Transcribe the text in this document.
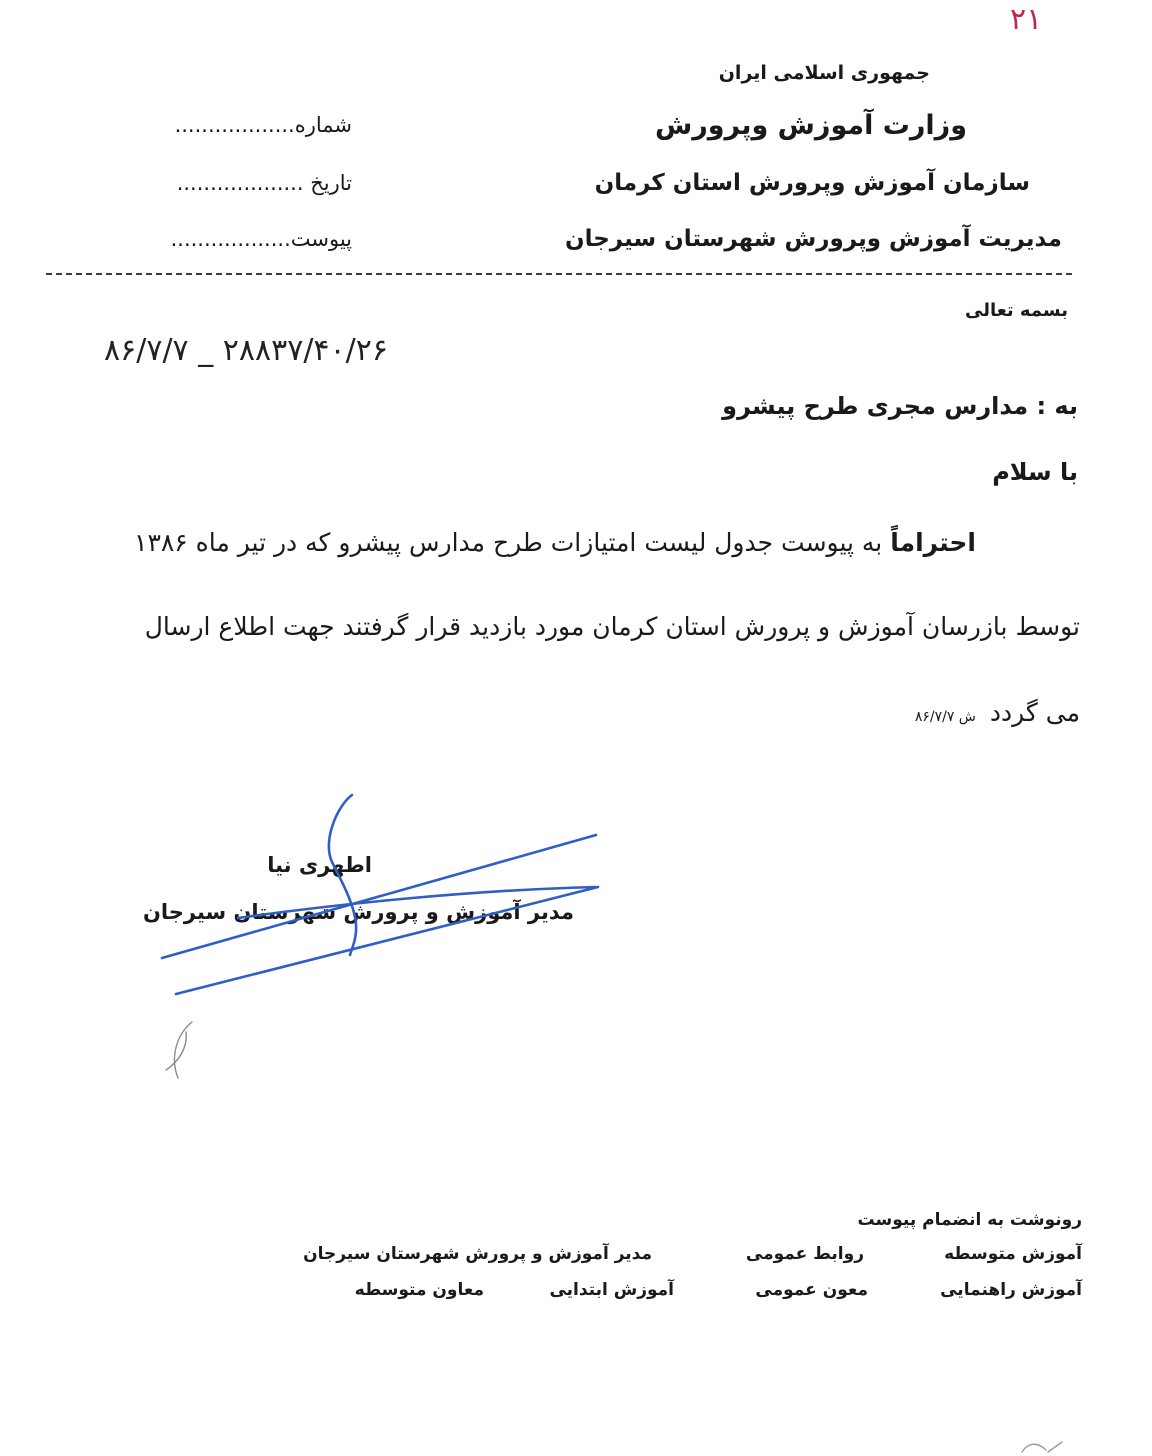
۲۱
جمهوری اسلامی ایران
وزارت آموزش وپرورش
سازمان آموزش وپرورش استان کرمان
مدیریت آموزش وپرورش شهرستان سیرجان
شماره..................
تاریخ ...................
پیوست..................
بسمه تعالی
۲۸۸۳۷/۴۰/۲۶ _ ۸۶/۷/۷
به : مدارس مجری طرح پیشرو
با سلام
احتراماً به پیوست جدول لیست امتیازات طرح مدارس پیشرو که در تیر ماه ۱۳۸۶
توسط بازرسان آموزش و پرورش استان کرمان مورد بازدید قرار گرفتند جهت اطلاع ارسال
می گردد ش ۸۶/۷/۷
اطهری نیا
مدیر آموزش و پرورش شهرستان سیرجان
رونوشت به انضمام پیوست
آموزش متوسطه
روابط عمومی
مدیر آموزش و پرورش شهرستان سیرجان
آموزش راهنمایی
معون عمومی
آموزش ابتدایی
معاون متوسطه
